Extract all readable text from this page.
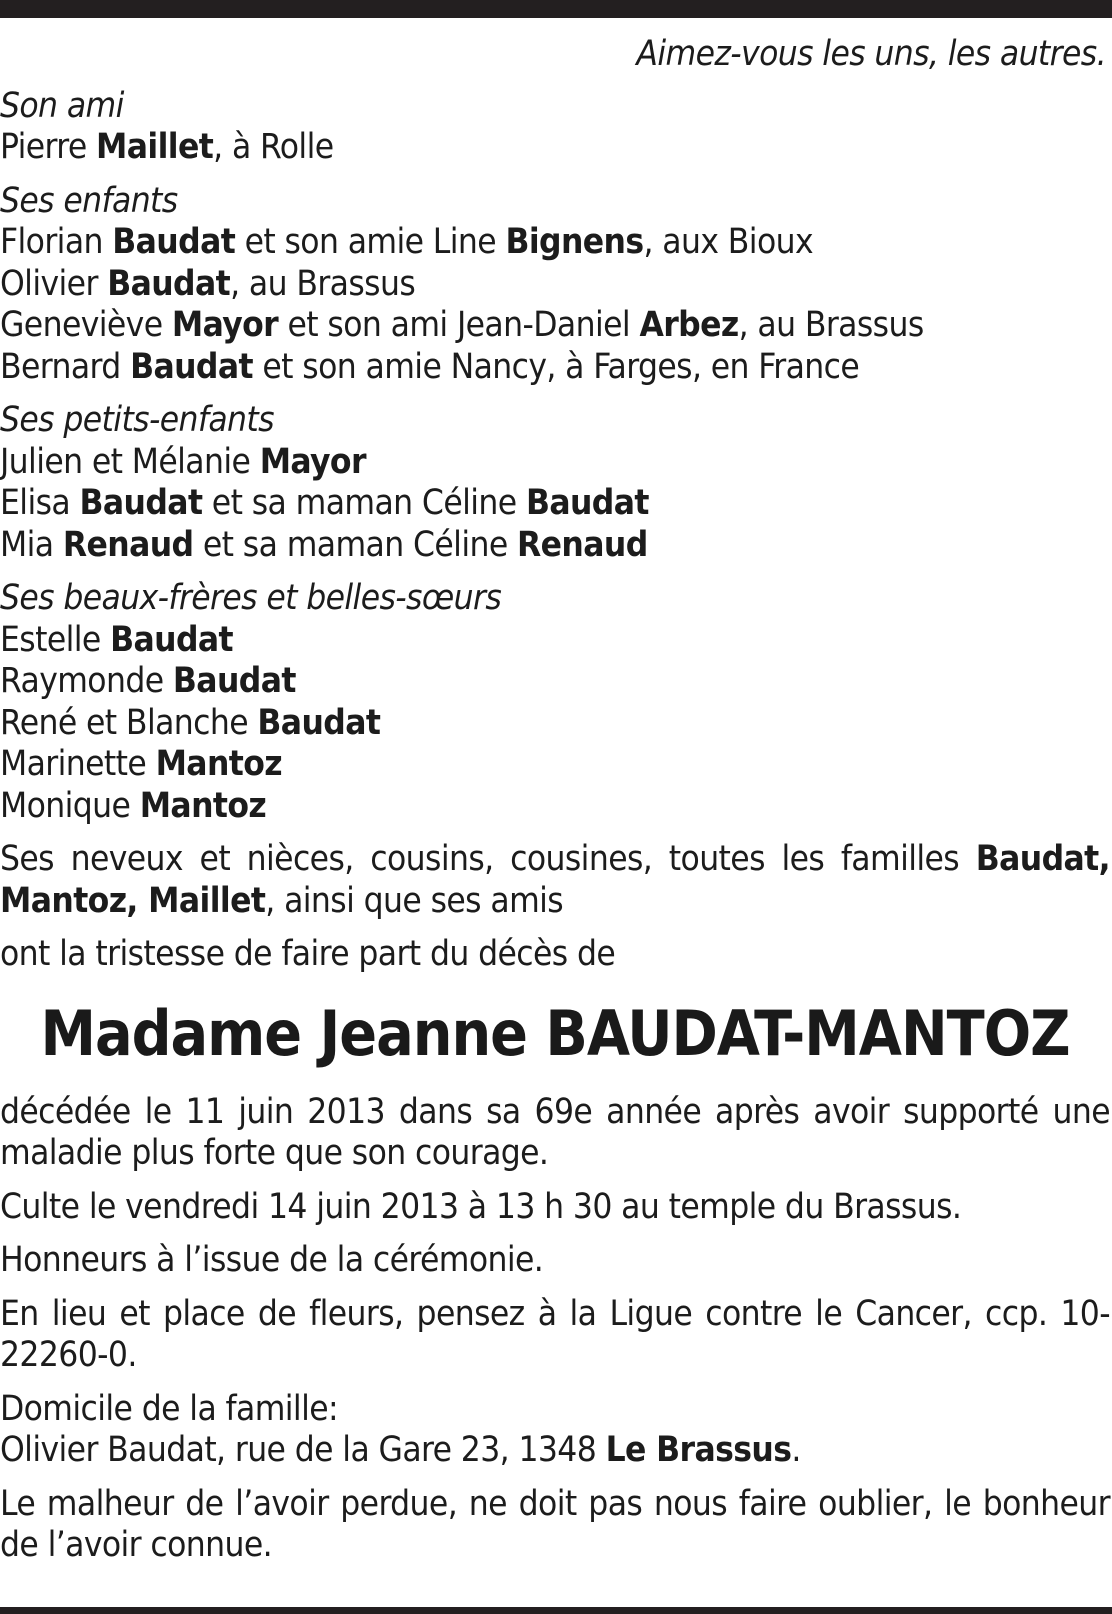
Aimez-vous les uns, les autres.
Son ami
Pierre Maillet, à Rolle
Ses enfants
Florian Baudat et son amie Line Bignens, aux Bioux
Olivier Baudat, au Brassus
Geneviève Mayor et son ami Jean-Daniel Arbez, au Brassus
Bernard Baudat et son amie Nancy, à Farges, en France
Ses petits-enfants
Julien et Mélanie Mayor
Elisa Baudat et sa maman Céline Baudat
Mia Renaud et sa maman Céline Renaud
Ses beaux-frères et belles-sœurs
Estelle Baudat
Raymonde Baudat
René et Blanche Baudat
Marinette Mantoz
Monique Mantoz
Ses neveux et nièces, cousins, cousines, toutes les familles Baudat, Mantoz, Maillet, ainsi que ses amis
ont la tristesse de faire part du décès de
Madame Jeanne BAUDAT-MANTOZ
décédée le 11 juin 2013 dans sa 69e année après avoir supporté une maladie plus forte que son courage.
Culte le vendredi 14 juin 2013 à 13 h 30 au temple du Brassus.
Honneurs à l’issue de la cérémonie.
En lieu et place de fleurs, pensez à la Ligue contre le Cancer, ccp. 10-22260-0.
Domicile de la famille:
Olivier Baudat, rue de la Gare 23, 1348 Le Brassus.
Le malheur de l’avoir perdue, ne doit pas nous faire oublier, le bonheur de l’avoir connue.
